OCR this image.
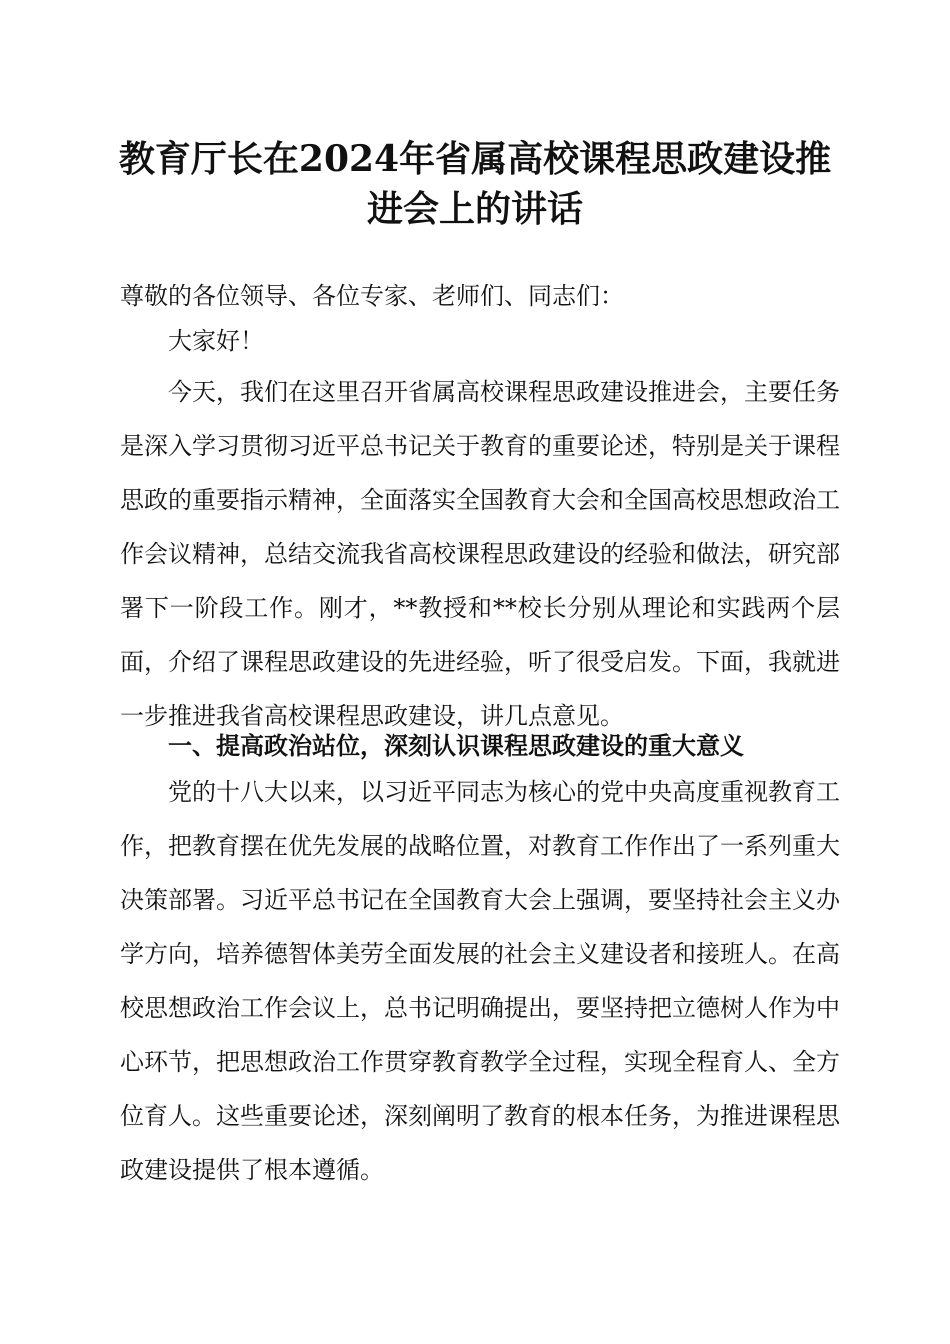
教育厅长在2024年省属高校课程思政建设推
进会上的讲话

尊敬的各位领导、各位专家、老师们、同志们：

大家好！

今天，我们在这里召开省属高校课程思政建设推进会，主要任务是深入学习贯彻习近平总书记关于教育的重要论述，特别是关于课程思政的重要指示精神，全面落实全国教育大会和全国高校思想政治工作会议精神，总结交流我省高校课程思政建设的经验和做法，研究部署下一阶段工作。刚才，**教授和**校长分别从理论和实践两个层面，介绍了课程思政建设的先进经验，听了很受启发。下面，我就进一步推进我省高校课程思政建设，讲几点意见。

一、提高政治站位，深刻认识课程思政建设的重大意义

党的十八大以来，以习近平同志为核心的党中央高度重视教育工作，把教育摆在优先发展的战略位置，对教育工作作出了一系列重大决策部署。习近平总书记在全国教育大会上强调，要坚持社会主义办学方向，培养德智体美劳全面发展的社会主义建设者和接班人。在高校思想政治工作会议上，总书记明确提出，要坚持把立德树人作为中心环节，把思想政治工作贯穿教育教学全过程，实现全程育人、全方位育人。这些重要论述，深刻阐明了教育的根本任务，为推进课程思政建设提供了根本遵循。
